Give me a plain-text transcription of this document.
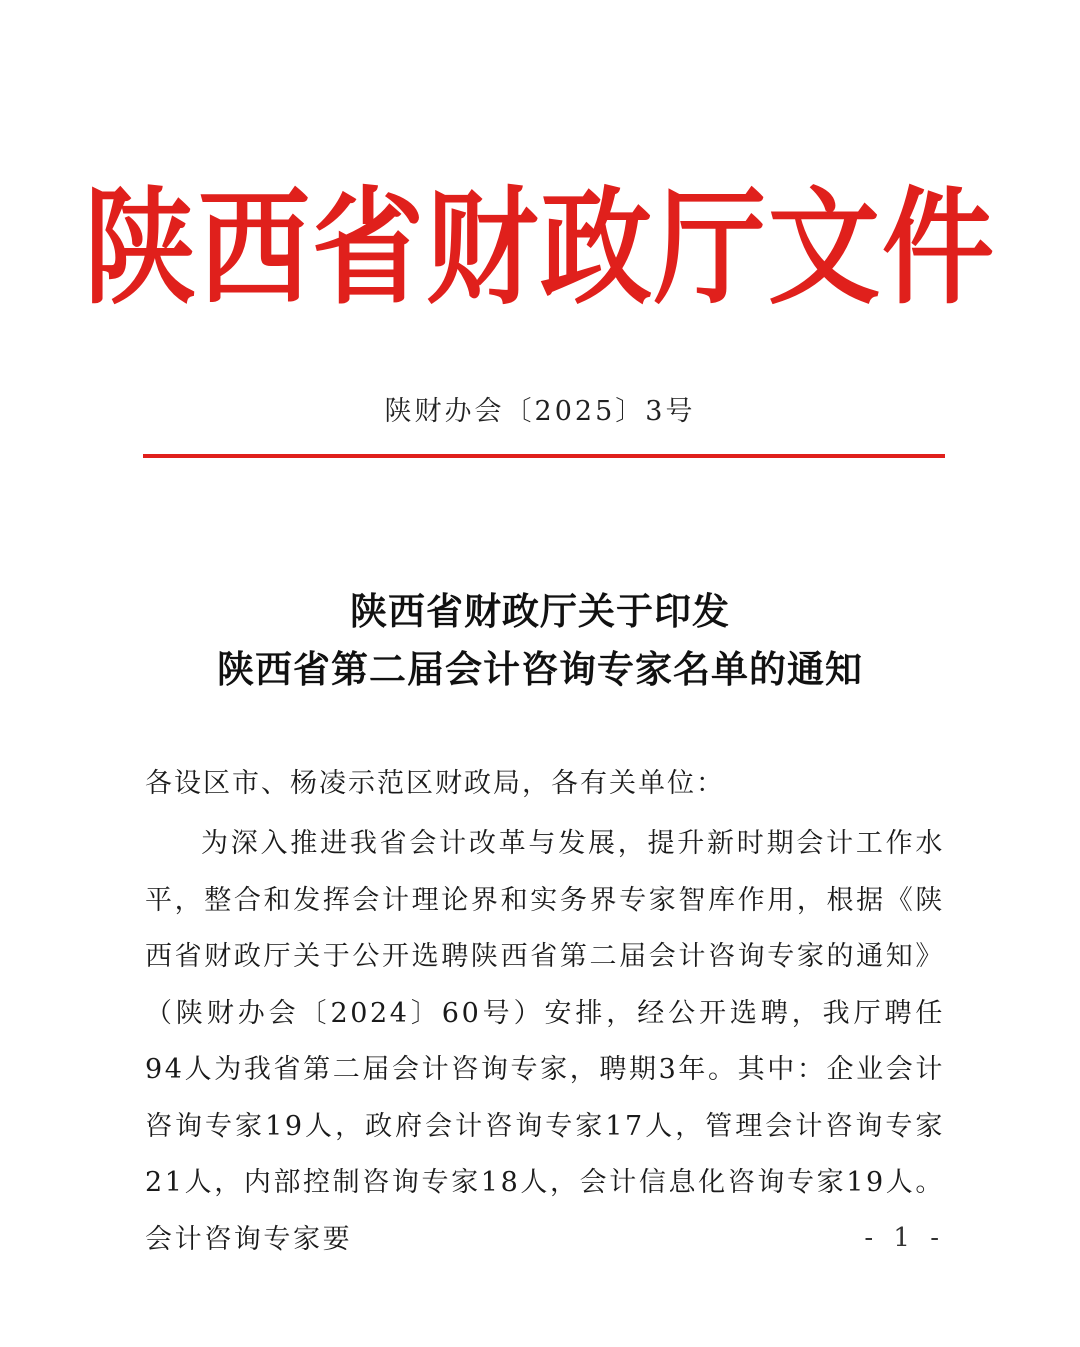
陕西省财政厅文件
陕财办会〔2025〕3号
陕西省财政厅关于印发
陕西省第二届会计咨询专家名单的通知
各设区市、杨凌示范区财政局，各有关单位：

为深入推进我省会计改革与发展，提升新时期会计工作水平，整合和发挥会计理论界和实务界专家智库作用，根据《陕西省财政厅关于公开选聘陕西省第二届会计咨询专家的通知》（陕财办会〔2024〕60号）安排，经公开选聘，我厅聘任94人为我省第二届会计咨询专家，聘期3年。其中：企业会计咨询专家19人，政府会计咨询专家17人，管理会计咨询专家21人，内部控制咨询专家18人，会计信息化咨询专家19人。会计咨询专家要	- 1 -
